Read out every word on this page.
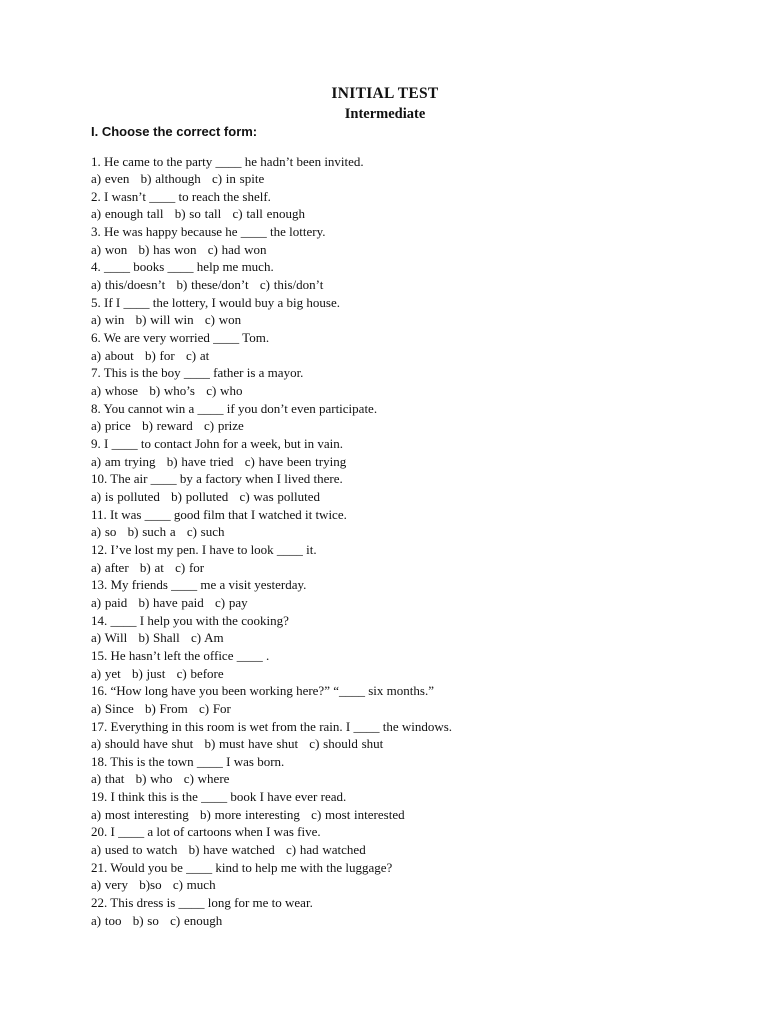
INITIAL TEST
Intermediate
I. Choose the correct form:
1. He came to the party ____ he hadn’t been invited.
a) even   b) although   c) in spite
2. I wasn’t ____ to reach the shelf.
a) enough tall   b) so tall   c) tall enough
3. He was happy because he ____ the lottery.
a) won   b) has won   c) had won
4. ____ books ____ help me much.
a) this/doesn’t   b) these/don’t   c) this/don’t
5. If I ____ the lottery, I would buy a big house.
a) win   b) will win   c) won
6. We are very worried ____ Tom.
a) about   b) for   c) at
7. This is the boy ____ father is a mayor.
a) whose   b) who’s   c) who
8. You cannot win a ____ if you don’t even participate.
a) price   b) reward   c) prize
9. I ____ to contact John for a week, but in vain.
a) am trying   b) have tried   c) have been trying
10. The air ____ by a factory when I lived there.
a) is polluted   b) polluted   c) was polluted
11. It was ____ good film that I watched it twice.
a) so   b) such a   c) such
12. I’ve lost my pen. I have to look ____ it.
a) after   b) at   c) for
13. My friends ____ me a visit yesterday.
a) paid   b) have paid   c) pay
14. ____ I help you with the cooking?
a) Will   b) Shall   c) Am
15. He hasn’t left the office ____ .
a) yet   b) just   c) before
16. “How long have you been working here?” “____ six months.”
a) Since   b) From   c) For
17. Everything in this room is wet from the rain. I ____ the windows.
a) should have shut   b) must have shut   c) should shut
18. This is the town ____ I was born.
a) that   b) who   c) where
19. I think this is the ____ book I have ever read.
a) most interesting   b) more interesting   c) most interested
20. I ____ a lot of cartoons when I was five.
a) used to watch   b) have watched   c) had watched
21. Would you be ____ kind to help me with the luggage?
a) very   b)so   c) much
22. This dress is ____ long for me to wear.
a) too   b) so   c) enough
